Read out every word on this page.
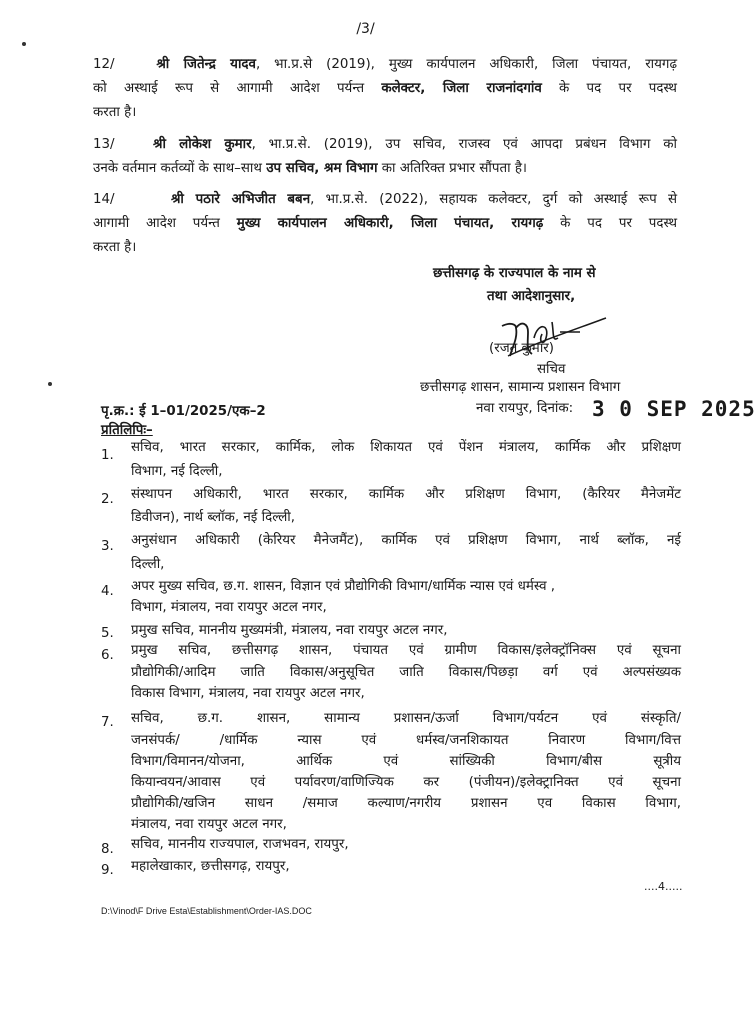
/3/
12/	श्री जितेन्द्र यादव, भा.प्र.से (2019), मुख्य कार्यपालन अधिकारी, जिला पंचायत, रायगढ़
को अस्थाई रूप से आगामी आदेश पर्यन्त कलेक्टर, जिला राजनांदगांव के पद पर पदस्थ
करता है।
13/	श्री लोकेश कुमार, भा.प्र.से. (2019), उप सचिव, राजस्व एवं आपदा प्रबंधन विभाग को
उनके वर्तमान कर्तव्यों के साथ–साथ उप सचिव, श्रम विभाग का अतिरिक्त प्रभार सौंपता है।
14/	श्री पठारे अभिजीत बबन, भा.प्र.से. (2022), सहायक कलेक्टर, दुर्ग को अस्थाई रूप से
आगामी आदेश पर्यन्त मुख्य कार्यपालन अधिकारी, जिला पंचायत, रायगढ़ के पद पर पदस्थ
करता है।
छत्तीसगढ़ के राज्यपाल के नाम से
तथा आदेशानुसार,
(रजत कुमार)
सचिव
छत्तीसगढ़ शासन, सामान्य प्रशासन विभाग
नवा रायपुर, दिनांक: 3 0 SEP 2025
पृ.क्र.: ई 1–01/2025/एक–2
प्रतिलिपिः–
1.
सचिव, भारत सरकार, कार्मिक, लोक शिकायत एवं पेंशन मंत्रालय, कार्मिक और प्रशिक्षण
विभाग, नई दिल्ली,
2. संस्थापन अधिकारी, भारत सरकार, कार्मिक और प्रशिक्षण विभाग, (कैरियर मैनेजमेंट
डिवीजन), नार्थ ब्लॉक, नई दिल्ली,
3. अनुसंधान अधिकारी (केरियर मैनेजमैंट), कार्मिक एवं प्रशिक्षण विभाग, नार्थ ब्लॉक, नई
दिल्ली,
4. अपर मुख्य सचिव, छ.ग. शासन, विज्ञान एवं प्रौद्योगिकी विभाग/धार्मिक न्यास एवं धर्मस्व ,
विभाग, मंत्रालय, नवा रायपुर अटल नगर,
5. प्रमुख सचिव, माननीय मुख्यमंत्री, मंत्रालय, नवा रायपुर अटल नगर,
6. प्रमुख सचिव, छत्तीसगढ़ शासन, पंचायत एवं ग्रामीण विकास/इलेक्ट्रॉनिक्स एवं सूचना
प्रौद्योगिकी/आदिम जाति विकास/अनुसूचित जाति विकास/पिछड़ा वर्ग एवं अल्पसंख्यक
विकास विभाग, मंत्रालय, नवा रायपुर अटल नगर,
7. सचिव, छ.ग. शासन, सामान्य प्रशासन/ऊर्जा विभाग/पर्यटन एवं संस्कृति/
जनसंपर्क/ /धार्मिक न्यास एवं धर्मस्व/जनशिकायत निवारण विभाग/वित्त
विभाग/विमानन/योजना, आर्थिक एवं सांख्यिकी विभाग/बीस सूत्रीय
कियान्वयन/आवास एवं पर्यावरण/वाणिज्यिक कर (पंजीयन)/इलेक्ट्रानिक्त एवं सूचना
प्रौद्योगिकी/खजिन साधन /समाज कल्याण/नगरीय प्रशासन एव विकास विभाग,
मंत्रालय, नवा रायपुर अटल नगर,
8. सचिव, माननीय राज्यपाल, राजभवन, रायपुर,
9. महालेखाकार, छत्तीसगढ़, रायपुर,
....4.....
D:\Vinod\F Drive Esta\Establishment\Order-IAS.DOC
